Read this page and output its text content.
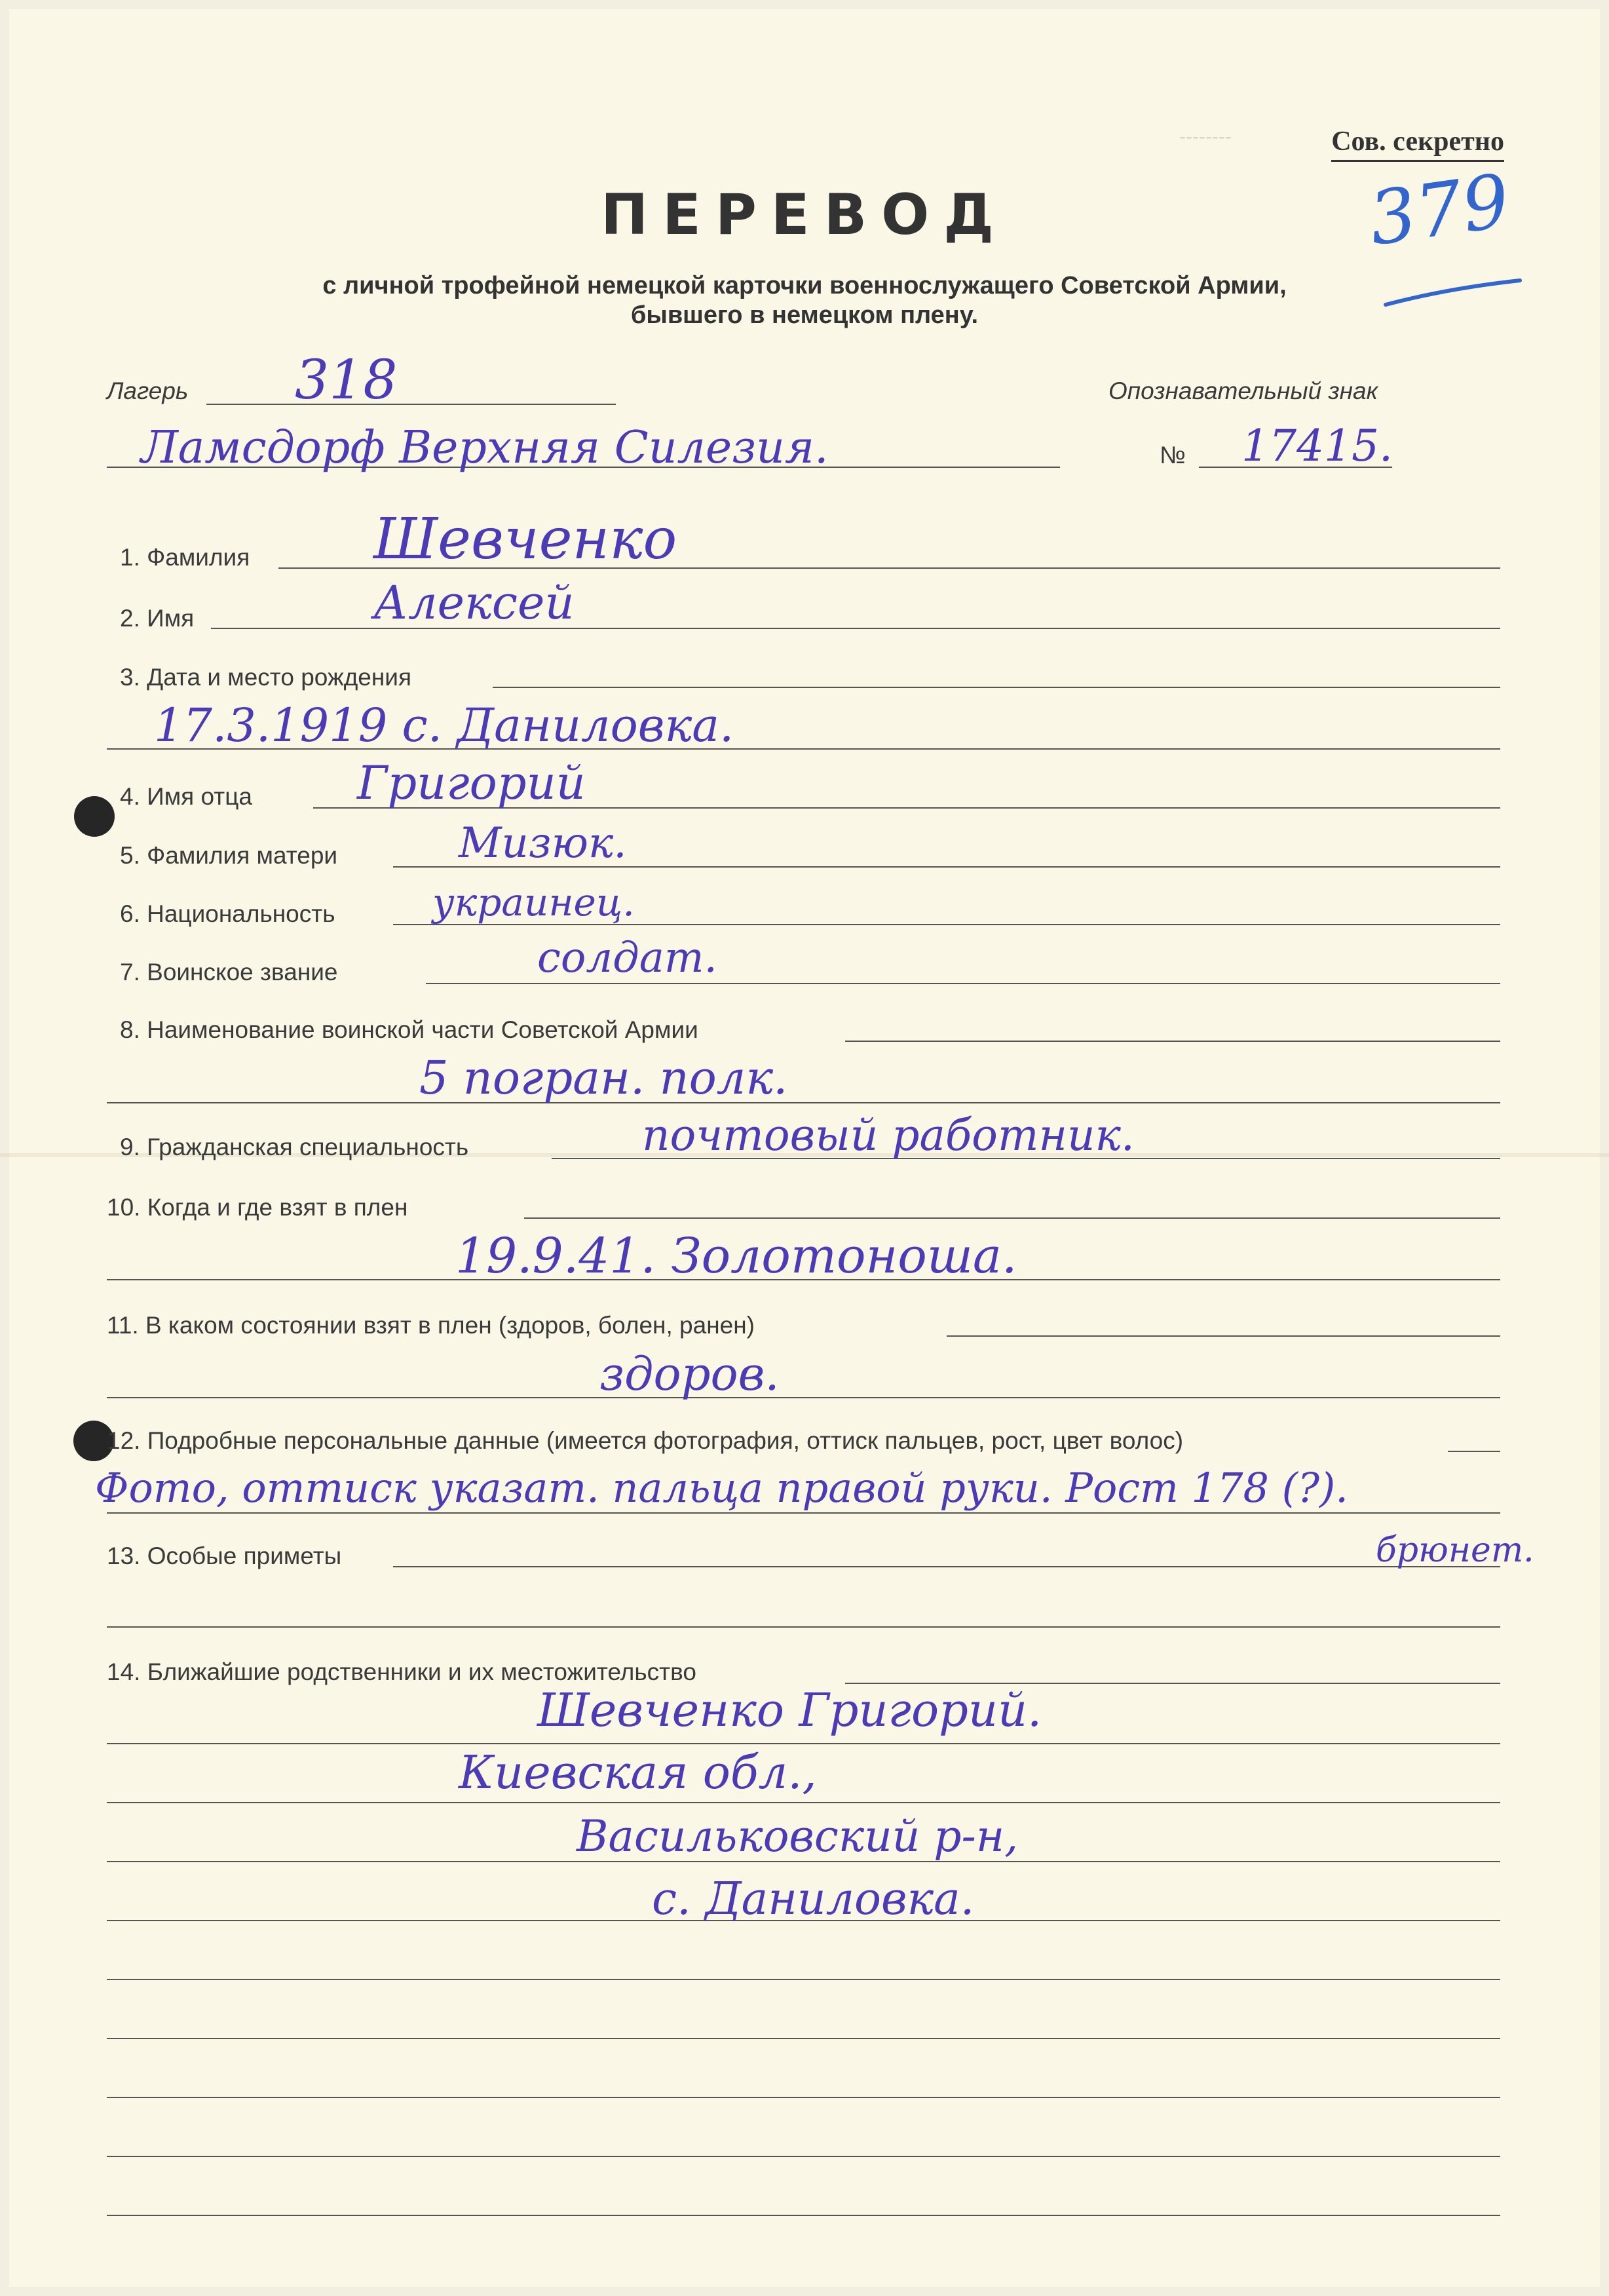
--------	Сов. секретно
379
ПЕРЕВОД
с личной трофейной немецкой карточки военнослужащего Советской Армии,
бывшего в немецком плену.
Лагерь 318	Опознавательный знак
Ламсдорф Верхняя Силезия.	№ 17415.
1. Фамилия Шевченко
2. Имя	Алексей
3. Дата и место рождения
17.3.1919 с. Даниловка.
4. Имя отца Григорий
5. Фамилия матери	Мизюк.
6. Национальность	украинец.
7. Воинское звание	солдат.
8. Наименование воинской части Советской Армии
5 погран. полк.
9. Гражданская специальность	почтовый работник.
10. Когда и где взят в плен
19.9.41. Золотоноша.
11. В каком состоянии взят в плен (здоров, болен, ранен)
здоров.
12. Подробные персональные данные (имеется фотография, оттиск пальцев, рост, цвет волос)
Фото, оттиск указат. пальца правой руки. Рост 178 (?).
13. Особые приметы	брюнет.
14. Ближайшие родственники и их местожительство
Шевченко Григорий.
Киевская обл.,
Васильковский р-н,
с. Даниловка.
